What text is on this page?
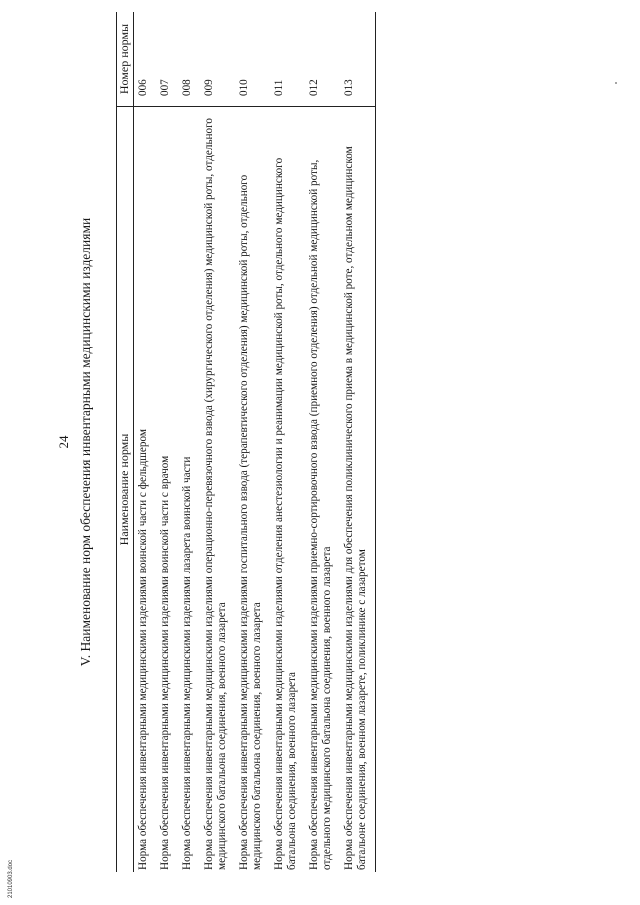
24 V. Наименование норм обеспечения инвентарными медицинскими изделиями Наименование нормы	Номер нормы
Норма обеспечения инвентарными медицинскими изделиями воинской части с фельдшером	006
Норма обеспечения инвентарными медицинскими изделиями воинской части с врачом	007
Норма обеспечения инвентарными медицинскими изделиями лазарета воинской части	008
Норма обеспечения инвентарными медицинскими изделиями операционно-перевязочного взвода (хирургического отделения) медицинской роты, отдельного медицинского батальона соединения, военного лазарета	009
Норма обеспечения инвентарными медицинскими изделиями госпитального взвода (терапевтического отделения) медицинской роты, отдельного медицинского батальона соединения, военного лазарета	010
Норма обеспечения инвентарными медицинскими изделиями отделения анестезиологии и реанимации медицинской роты, отдельного медицинского батальона соединения, военного лазарета	011
Норма обеспечения инвентарными медицинскими изделиями приемно-сортировочного взвода (приемного отделения) отдельной медицинской роты, отдельного медицинского батальона соединения, военного лазарета	012
Норма обеспечения инвентарными медицинскими изделиями для обеспечения поликлинического приема в медицинской роте, отдельном медицинском батальоне соединения, военном лазарете, поликлинике с лазаретом	013
21010903.doc
